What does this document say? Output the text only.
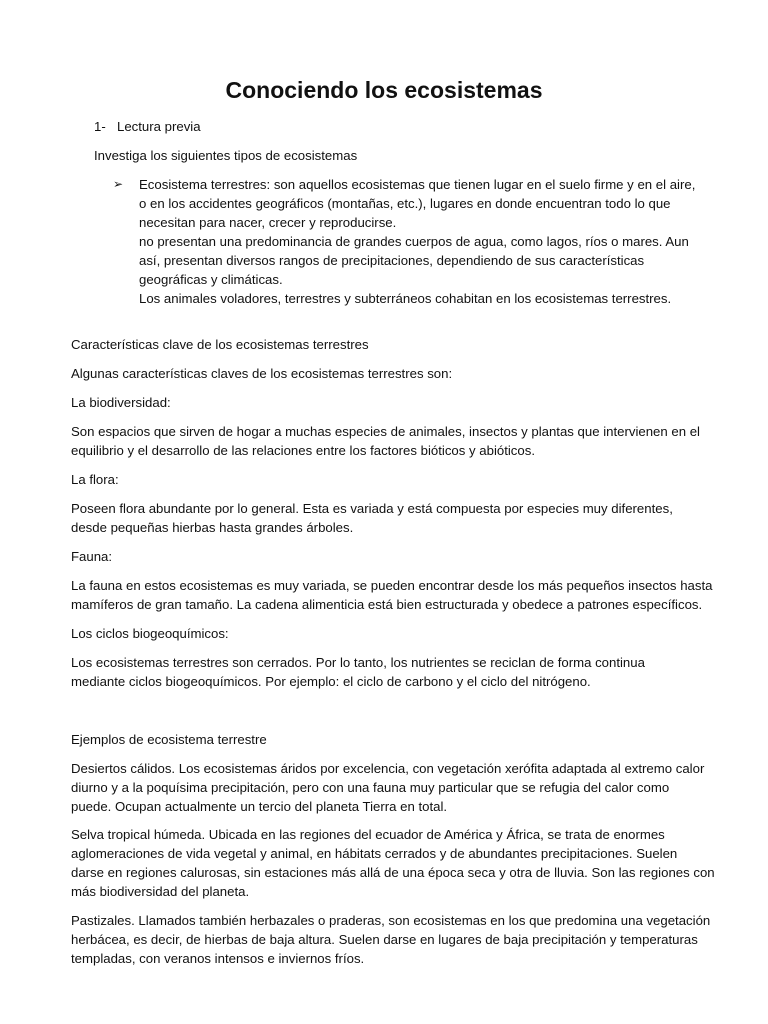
Conociendo los ecosistemas
1- Lectura previa
Investiga los siguientes tipos de ecosistemas
➢ Ecosistema terrestres: son aquellos ecosistemas que tienen lugar en el suelo firme y en el aire,
o en los accidentes geográficos (montañas, etc.), lugares en donde encuentran todo lo que
necesitan para nacer, crecer y reproducirse.
no presentan una predominancia de grandes cuerpos de agua, como lagos, ríos o mares. Aun
así, presentan diversos rangos de precipitaciones, dependiendo de sus características
geográficas y climáticas.
Los animales voladores, terrestres y subterráneos cohabitan en los ecosistemas terrestres.
Características clave de los ecosistemas terrestres
Algunas características claves de los ecosistemas terrestres son:
La biodiversidad:
Son espacios que sirven de hogar a muchas especies de animales, insectos y plantas que intervienen en el
equilibrio y el desarrollo de las relaciones entre los factores bióticos y abióticos.
La flora:
Poseen flora abundante por lo general. Esta es variada y está compuesta por especies muy diferentes,
desde pequeñas hierbas hasta grandes árboles.
Fauna:
La fauna en estos ecosistemas es muy variada, se pueden encontrar desde los más pequeños insectos hasta
mamíferos de gran tamaño. La cadena alimenticia está bien estructurada y obedece a patrones específicos.
Los ciclos biogeoquímicos:
Los ecosistemas terrestres son cerrados. Por lo tanto, los nutrientes se reciclan de forma continua
mediante ciclos biogeoquímicos. Por ejemplo: el ciclo de carbono y el ciclo del nitrógeno.
Ejemplos de ecosistema terrestre
Desiertos cálidos. Los ecosistemas áridos por excelencia, con vegetación xerófita adaptada al extremo calor
diurno y a la poquísima precipitación, pero con una fauna muy particular que se refugia del calor como
puede. Ocupan actualmente un tercio del planeta Tierra en total.
Selva tropical húmeda. Ubicada en las regiones del ecuador de América y África, se trata de enormes
aglomeraciones de vida vegetal y animal, en hábitats cerrados y de abundantes precipitaciones. Suelen
darse en regiones calurosas, sin estaciones más allá de una época seca y otra de lluvia. Son las regiones con
más biodiversidad del planeta.
Pastizales. Llamados también herbazales o praderas, son ecosistemas en los que predomina una vegetación
herbácea, es decir, de hierbas de baja altura. Suelen darse en lugares de baja precipitación y temperaturas
templadas, con veranos intensos e inviernos fríos.
